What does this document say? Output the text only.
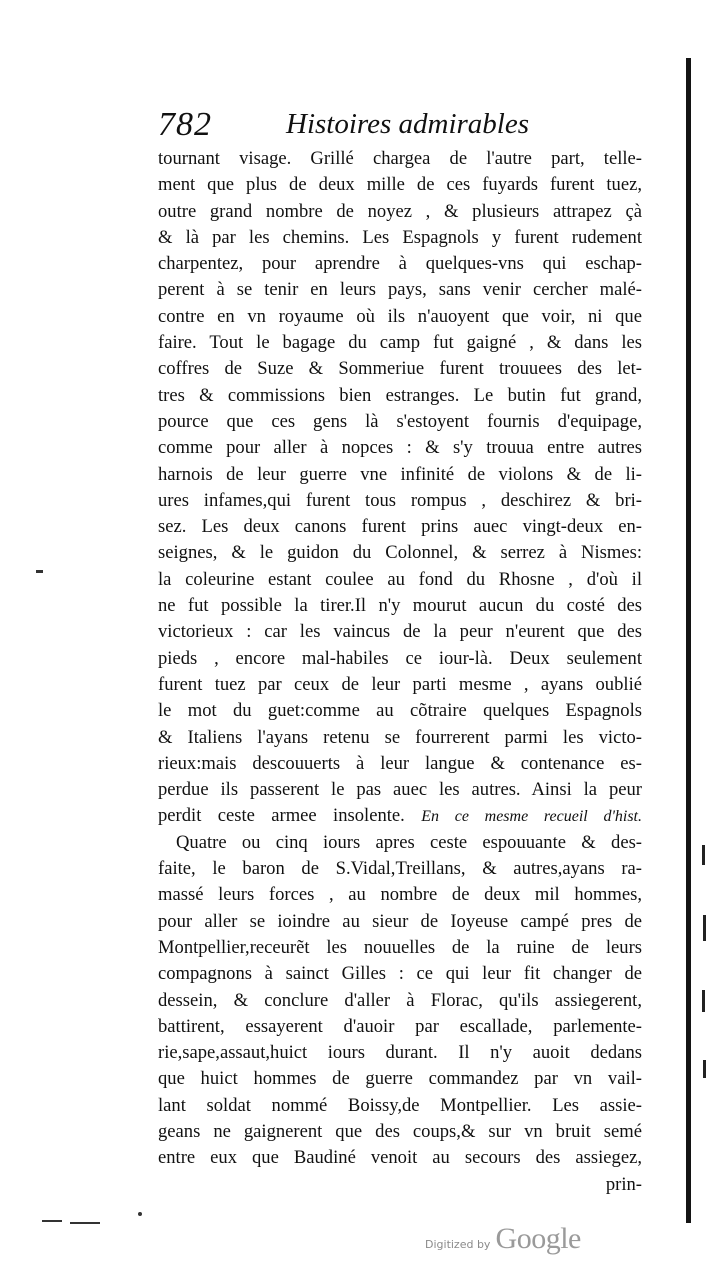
782	Histoires admirables
tournant visage. Grillé chargea de l'autre part, telle-
ment que plus de deux mille de ces fuyards furent tuez,
outre grand nombre de noyez , & plusieurs attrapez çà
& là par les chemins. Les Espagnols y furent rudement
charpentez, pour aprendre à quelques-vns qui eschap-
perent à se tenir en leurs pays, sans venir cercher malé-
contre en vn royaume où ils n'auoyent que voir, ni que
faire. Tout le bagage du camp fut gaigné , & dans les
coffres de Suze & Sommeriue furent trouuees des let-
tres & commissions bien estranges. Le butin fut grand,
pource que ces gens là s'estoyent fournis d'equipage,
comme pour aller à nopces : & s'y trouua entre autres
harnois de leur guerre vne infinité de violons & de li-
ures infames,qui furent tous rompus , deschirez & bri-
sez. Les deux canons furent prins auec vingt-deux en-
seignes, & le guidon du Colonnel, & serrez à Nismes:
la coleurine estant coulee au fond du Rhosne , d'où il
ne fut possible la tirer.Il n'y mourut aucun du costé des
victorieux : car les vaincus de la peur n'eurent que des
pieds , encore mal-habiles ce iour-là. Deux seulement
furent tuez par ceux de leur parti mesme , ayans oublié
le mot du guet:comme au cõtraire quelques Espagnols
& Italiens l'ayans retenu se fourrerent parmi les victo-
rieux:mais descouuerts à leur langue & contenance es-
perdue ils passerent le pas auec les autres. Ainsi la peur
perdit ceste armee insolente. En ce mesme recueil d'hist.
Quatre ou cinq iours apres ceste espouuante & des-
faite, le baron de S.Vidal,Treillans, & autres,ayans ra-
massé leurs forces , au nombre de deux mil hommes,
pour aller se ioindre au sieur de Ioyeuse campé pres de
Montpellier,receurẽt les nouuelles de la ruine de leurs
compagnons à sainct Gilles : ce qui leur fit changer de
dessein, & conclure d'aller à Florac, qu'ils assiegerent,
battirent, essayerent d'auoir par escallade, parlemente-
rie,sape,assaut,huict iours durant. Il n'y auoit dedans
que huict hommes de guerre commandez par vn vail-
lant soldat nommé Boissy,de Montpellier. Les assie-
geans ne gaignerent que des coups,& sur vn bruit semé
entre eux que Baudiné venoit au secours des assiegez,
prin-
Digitized by Google
